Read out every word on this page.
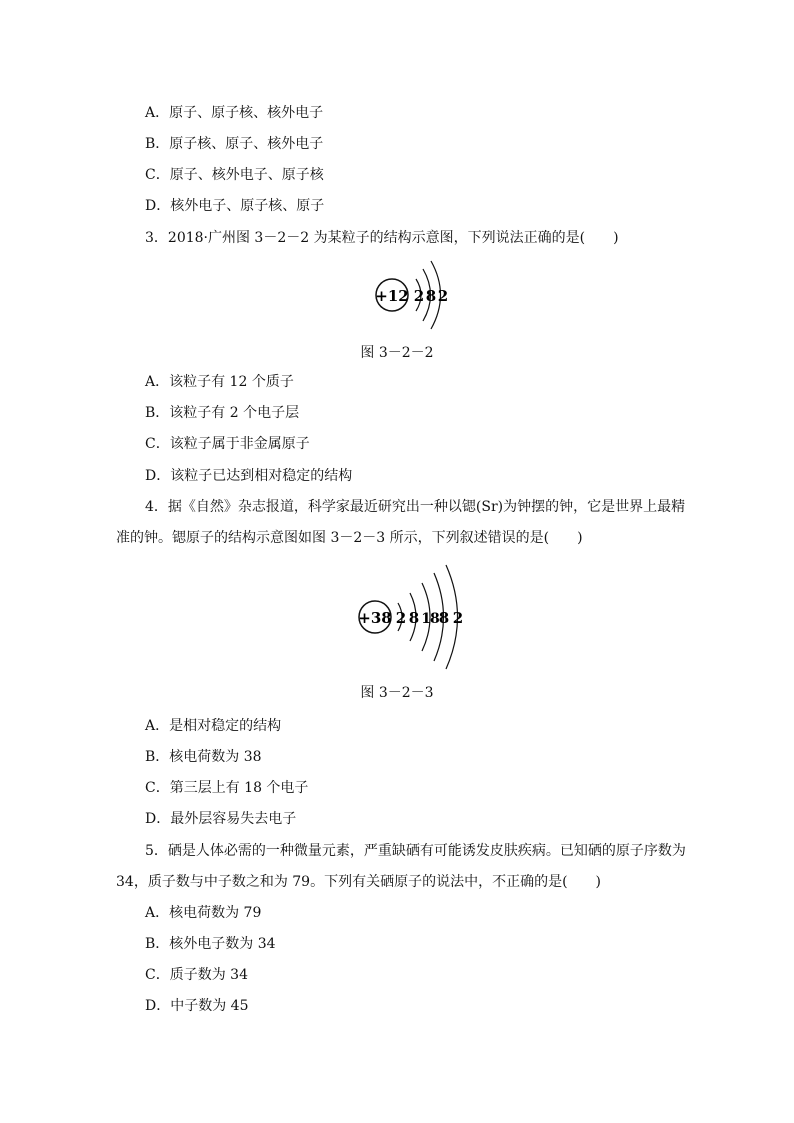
A．原子、原子核、核外电子
B．原子核、原子、核外电子
C．原子、核外电子、原子核
D．核外电子、原子核、原子
3．2018·广州图 3－2－2 为某粒子的结构示意图，下列说法正确的是(　　)
+12 2 8 2
图 3－2－2
A．该粒子有 12 个质子
B．该粒子有 2 个电子层
C．该粒子属于非金属原子
D．该粒子已达到相对稳定的结构
4．据《自然》杂志报道，科学家最近研究出一种以锶(Sr)为钟摆的钟，它是世界上最精
准的钟。锶原子的结构示意图如图 3－2－3 所示，下列叙述错误的是(　　)
+38 2 8 18 8 2
图 3－2－3
A．是相对稳定的结构
B．核电荷数为 38
C．第三层上有 18 个电子
D．最外层容易失去电子
5．硒是人体必需的一种微量元素，严重缺硒有可能诱发皮肤疾病。已知硒的原子序数为
34，质子数与中子数之和为 79。下列有关硒原子的说法中，不正确的是(　　)
A．核电荷数为 79
B．核外电子数为 34
C．质子数为 34
D．中子数为 45
